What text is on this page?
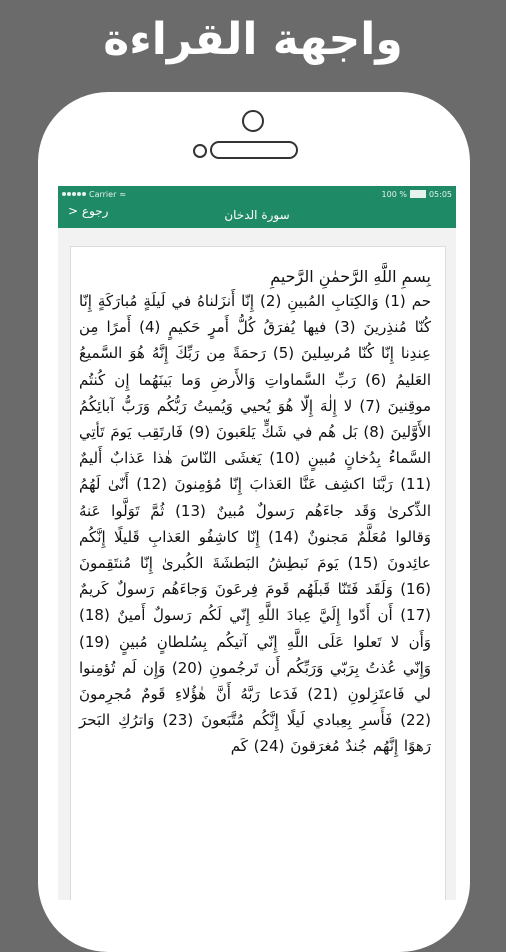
واجهة القراءة
Carrier ≈	100 %	05:05
رجوع <	سورة الدخان
بِسمِ اللَّهِ الرَّحمٰنِ الرَّحيمِ
حم (1) وَالكِتابِ المُبينِ (2) إِنّا أَنزَلناهُ في لَيلَةٍ مُبارَكَةٍ إِنّا كُنّا مُنذِرينَ (3) فيها يُفرَقُ كُلُّ أَمرٍ حَكيمٍ (4) أَمرًا مِن عِندِنا إِنّا كُنّا مُرسِلينَ (5) رَحمَةً مِن رَبِّكَ إِنَّهُ هُوَ السَّميعُ العَليمُ (6) رَبِّ السَّماواتِ وَالأَرضِ وَما بَينَهُما إِن كُنتُم موقِنينَ (7) لا إِلٰهَ إِلّا هُوَ يُحيي وَيُميتُ رَبُّكُم وَرَبُّ آبائِكُمُ الأَوَّلينَ (8) بَل هُم في شَكٍّ يَلعَبونَ (9) فَارتَقِب يَومَ تَأتِي السَّماءُ بِدُخانٍ مُبينٍ (10) يَغشَى النّاسَ هٰذا عَذابٌ أَليمٌ (11) رَبَّنَا اكشِف عَنَّا العَذابَ إِنّا مُؤمِنونَ (12) أَنّىٰ لَهُمُ الذِّكرىٰ وَقَد جاءَهُم رَسولٌ مُبينٌ (13) ثُمَّ تَوَلَّوا عَنهُ وَقالوا مُعَلَّمٌ مَجنونٌ (14) إِنّا كاشِفُو العَذابِ قَليلًا إِنَّكُم عائِدونَ (15) يَومَ نَبطِشُ البَطشَةَ الكُبرىٰ إِنّا مُنتَقِمونَ (16) وَلَقَد فَتَنّا قَبلَهُم قَومَ فِرعَونَ وَجاءَهُم رَسولٌ كَريمٌ (17) أَن أَدّوا إِلَيَّ عِبادَ اللَّهِ إِنّي لَكُم رَسولٌ أَمينٌ (18) وَأَن لا تَعلوا عَلَى اللَّهِ إِنّي آتيكُم بِسُلطانٍ مُبينٍ (19) وَإِنّي عُذتُ بِرَبّي وَرَبِّكُم أَن تَرجُمونِ (20) وَإِن لَم تُؤمِنوا لي فَاعتَزِلونِ (21) فَدَعا رَبَّهُ أَنَّ هٰؤُلاءِ قَومٌ مُجرِمونَ (22) فَأَسرِ بِعِبادي لَيلًا إِنَّكُم مُتَّبَعونَ (23) وَاترُكِ البَحرَ رَهوًا إِنَّهُم جُندٌ مُغرَقونَ (24) كَم
